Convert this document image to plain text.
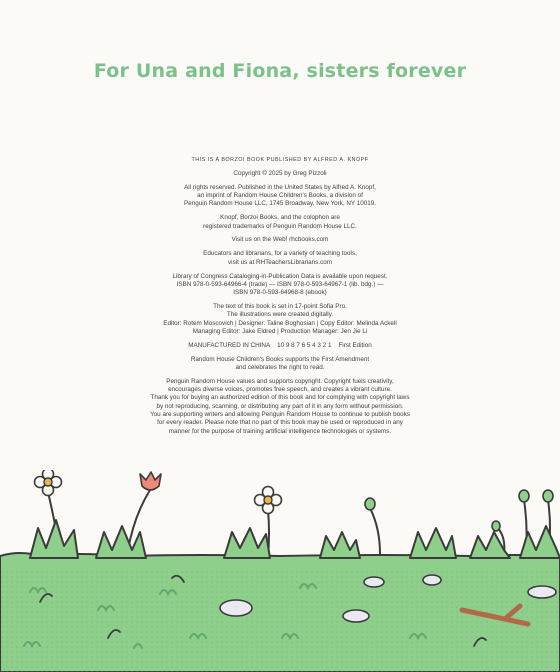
For Una and Fiona, sisters forever

THIS IS A BORZOI BOOK PUBLISHED BY ALFRED A. KNOPF

Copyright © 2025 by Greg Pizzoli

All rights reserved. Published in the United States by Alfred A. Knopf,
an imprint of Random House Children's Books, a division of
Penguin Random House LLC, 1745 Broadway, New York, NY 10019.

Knopf, Borzoi Books, and the colophon are
registered trademarks of Penguin Random House LLC.

Visit us on the Web! rhcbooks.com

Educators and librarians, for a variety of teaching tools,
visit us at RHTeachersLibrarians.com

Library of Congress Cataloging-in-Publication Data is available upon request.
ISBN 978-0-593-64966-4 (trade) — ISBN 978-0-593-64967-1 (lib. bdg.) —
ISBN 978-0-593-64968-8 (ebook)

The text of this book is set in 17-point Sofia Pro.
The illustrations were created digitally.
Editor: Rotem Moscovich | Designer: Taline Boghosian | Copy Editor: Melinda Ackell
Managing Editor: Jake Eldred | Production Manager: Jen Jie Li

MANUFACTURED IN CHINA 10 9 8 7 6 5 4 3 2 1 First Edition

Random House Children's Books supports the First Amendment
and celebrates the right to read.

Penguin Random House values and supports copyright. Copyright fuels creativity,
encourages diverse voices, promotes free speech, and creates a vibrant culture.
Thank you for buying an authorized edition of this book and for complying with copyright laws
by not reproducing, scanning, or distributing any part of it in any form without permission.
You are supporting writers and allowing Penguin Random House to continue to publish books
for every reader. Please note that no part of this book may be used or reproduced in any
manner for the purpose of training artificial intelligence technologies or systems.
